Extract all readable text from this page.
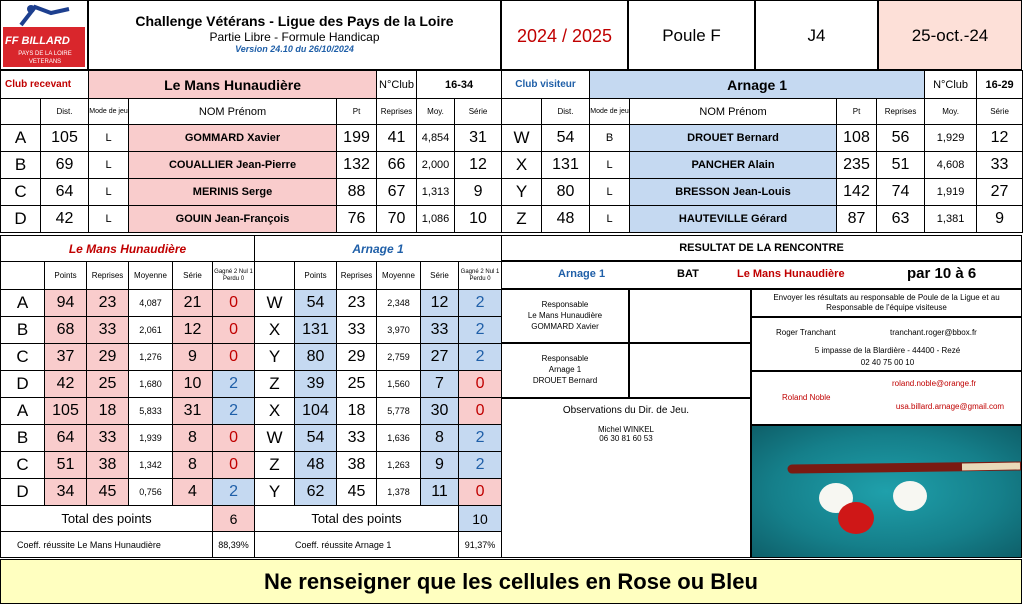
FF BILLARD
PAYS DE LA LOIRE
VETERANS
Challenge Vétérans - Ligue des Pays de la Loire
Partie Libre - Formule Handicap
Version 24.10 du 26/10/2024
2024 / 2025	Poule F	J4	25-oct.-24
Club recevant		Le Mans Hunaudière			N°Club	16-34	
	Dist.	Mode de jeu	NOM Prénom	Pt	Reprises	Moy.	Série
A	105	L	GOMMARD Xavier	199	41	4,854	31
B	69	L	COUALLIER Jean-Pierre	132	66	2,000	12
C	64	L	MERINIS Serge	88	67	1,313	9
D	42	L	GOUIN Jean-François	76	70	1,086	10
Club visiteur		Arnage 1				N°Club	16-29
	Dist.	Mode de jeu	NOM Prénom	Pt	Reprises	Moy.	Série
W	54	B	DROUET Bernard	108	56	1,929	12
X	131	L	PANCHER Alain	235	51	4,608	33
Y	80	L	BRESSON Jean-Louis	142	74	1,919	27
Z	48	L	HAUTEVILLE Gérard	87	63	1,381	9
Le Mans Hunaudière					
	Points	Reprises	Moyenne	Série	Gagné 2 Nul 1 Perdu 0
A	94	23	4,087	21	0
B	68	33	2,061	12	0
C	37	29	1,276	9	0
D	42	25	1,680	10	2
A	105	18	5,833	31	2
B	64	33	1,939	8	0
C	51	38	1,342	8	0
D	34	45	0,756	4	2
Total des points					6
Coeff. réussite Le Mans Hunaudière					88,39%
Arnage 1					
	Points	Reprises	Moyenne	Série	Gagné 2 Nul 1 Perdu 0
W	54	23	2,348	12	2
X	131	33	3,970	33	2
Y	80	29	2,759	27	2
Z	39	25	1,560	7	0
X	104	18	5,778	30	0
W	54	33	1,636	8	2
Z	48	38	1,263	9	2
Y	62	45	1,378	11	0
Total des points					10
Coeff. réussite Arnage 1					91,37%
RESULTAT DE LA RENCONTRE
Arnage 1	BAT	Le Mans Hunaudière	par 10 à 6
Responsable
Le Mans Hunaudière
GOMMARD Xavier
Responsable
Arnage 1
DROUET Bernard
Observations du Dir. de Jeu.
Michel WINKEL
06 30 81 60 53
Envoyer les résultats au responsable de Poule de la Ligue et au Responsable de l'équipe visiteuse
Roger Tranchant	tranchant.roger@bbox.fr
5 impasse de la Blardière - 44400 - Rezé
02 40 75 00 10
Roland Noble
roland.noble@orange.fr
usa.billard.arnage@gmail.com
Ne renseigner que les cellules en Rose ou Bleu
